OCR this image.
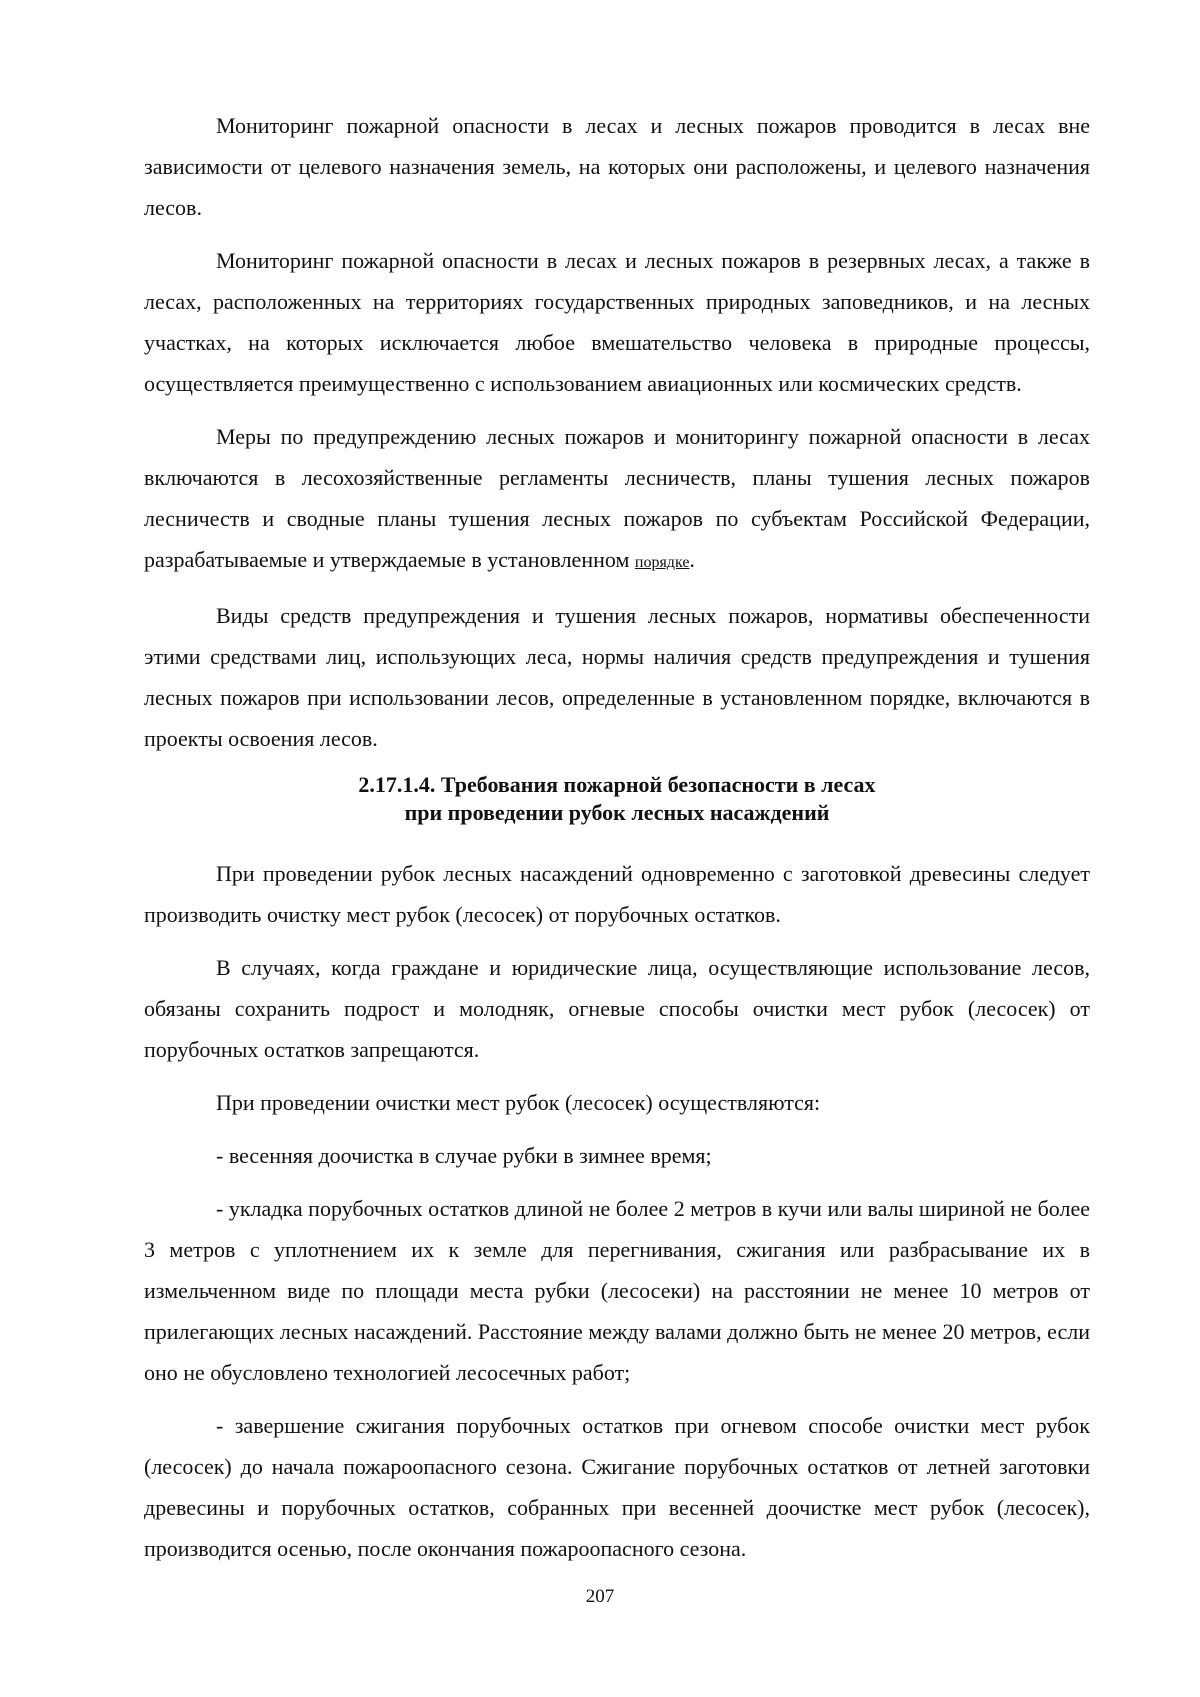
Мониторинг пожарной опасности в лесах и лесных пожаров проводится в лесах вне зависимости от целевого назначения земель, на которых они расположены, и целевого назначения лесов.

Мониторинг пожарной опасности в лесах и лесных пожаров в резервных лесах, а также в лесах, расположенных на территориях государственных природных заповедников, и на лесных участках, на которых исключается любое вмешательство человека в природные процессы, осуществляется преимущественно с использованием авиационных или космических средств.

Меры по предупреждению лесных пожаров и мониторингу пожарной опасности в лесах включаются в лесохозяйственные регламенты лесничеств, планы тушения лесных пожаров лесничеств и сводные планы тушения лесных пожаров по субъектам Российской Федерации, разрабатываемые и утверждаемые в установленном порядке.

Виды средств предупреждения и тушения лесных пожаров, нормативы обеспеченности этими средствами лиц, использующих леса, нормы наличия средств предупреждения и тушения лесных пожаров при использовании лесов, определенные в установленном порядке, включаются в проекты освоения лесов.

2.17.1.4. Требования пожарной безопасности в лесах
при проведении рубок лесных насаждений

При проведении рубок лесных насаждений одновременно с заготовкой древесины следует производить очистку мест рубок (лесосек) от порубочных остатков.

В случаях, когда граждане и юридические лица, осуществляющие использование лесов, обязаны сохранить подрост и молодняк, огневые способы очистки мест рубок (лесосек) от порубочных остатков запрещаются.

При проведении очистки мест рубок (лесосек) осуществляются:

- весенняя доочистка в случае рубки в зимнее время;

- укладка порубочных остатков длиной не более 2 метров в кучи или валы шириной не более 3 метров с уплотнением их к земле для перегнивания, сжигания или разбрасывание их в измельченном виде по площади места рубки (лесосеки) на расстоянии не менее 10 метров от прилегающих лесных насаждений. Расстояние между валами должно быть не менее 20 метров, если оно не обусловлено технологией лесосечных работ;

- завершение сжигания порубочных остатков при огневом способе очистки мест рубок (лесосек) до начала пожароопасного сезона. Сжигание порубочных остатков от летней заготовки древесины и порубочных остатков, собранных при весенней доочистке мест рубок (лесосек), производится осенью, после окончания пожароопасного сезона.

207
